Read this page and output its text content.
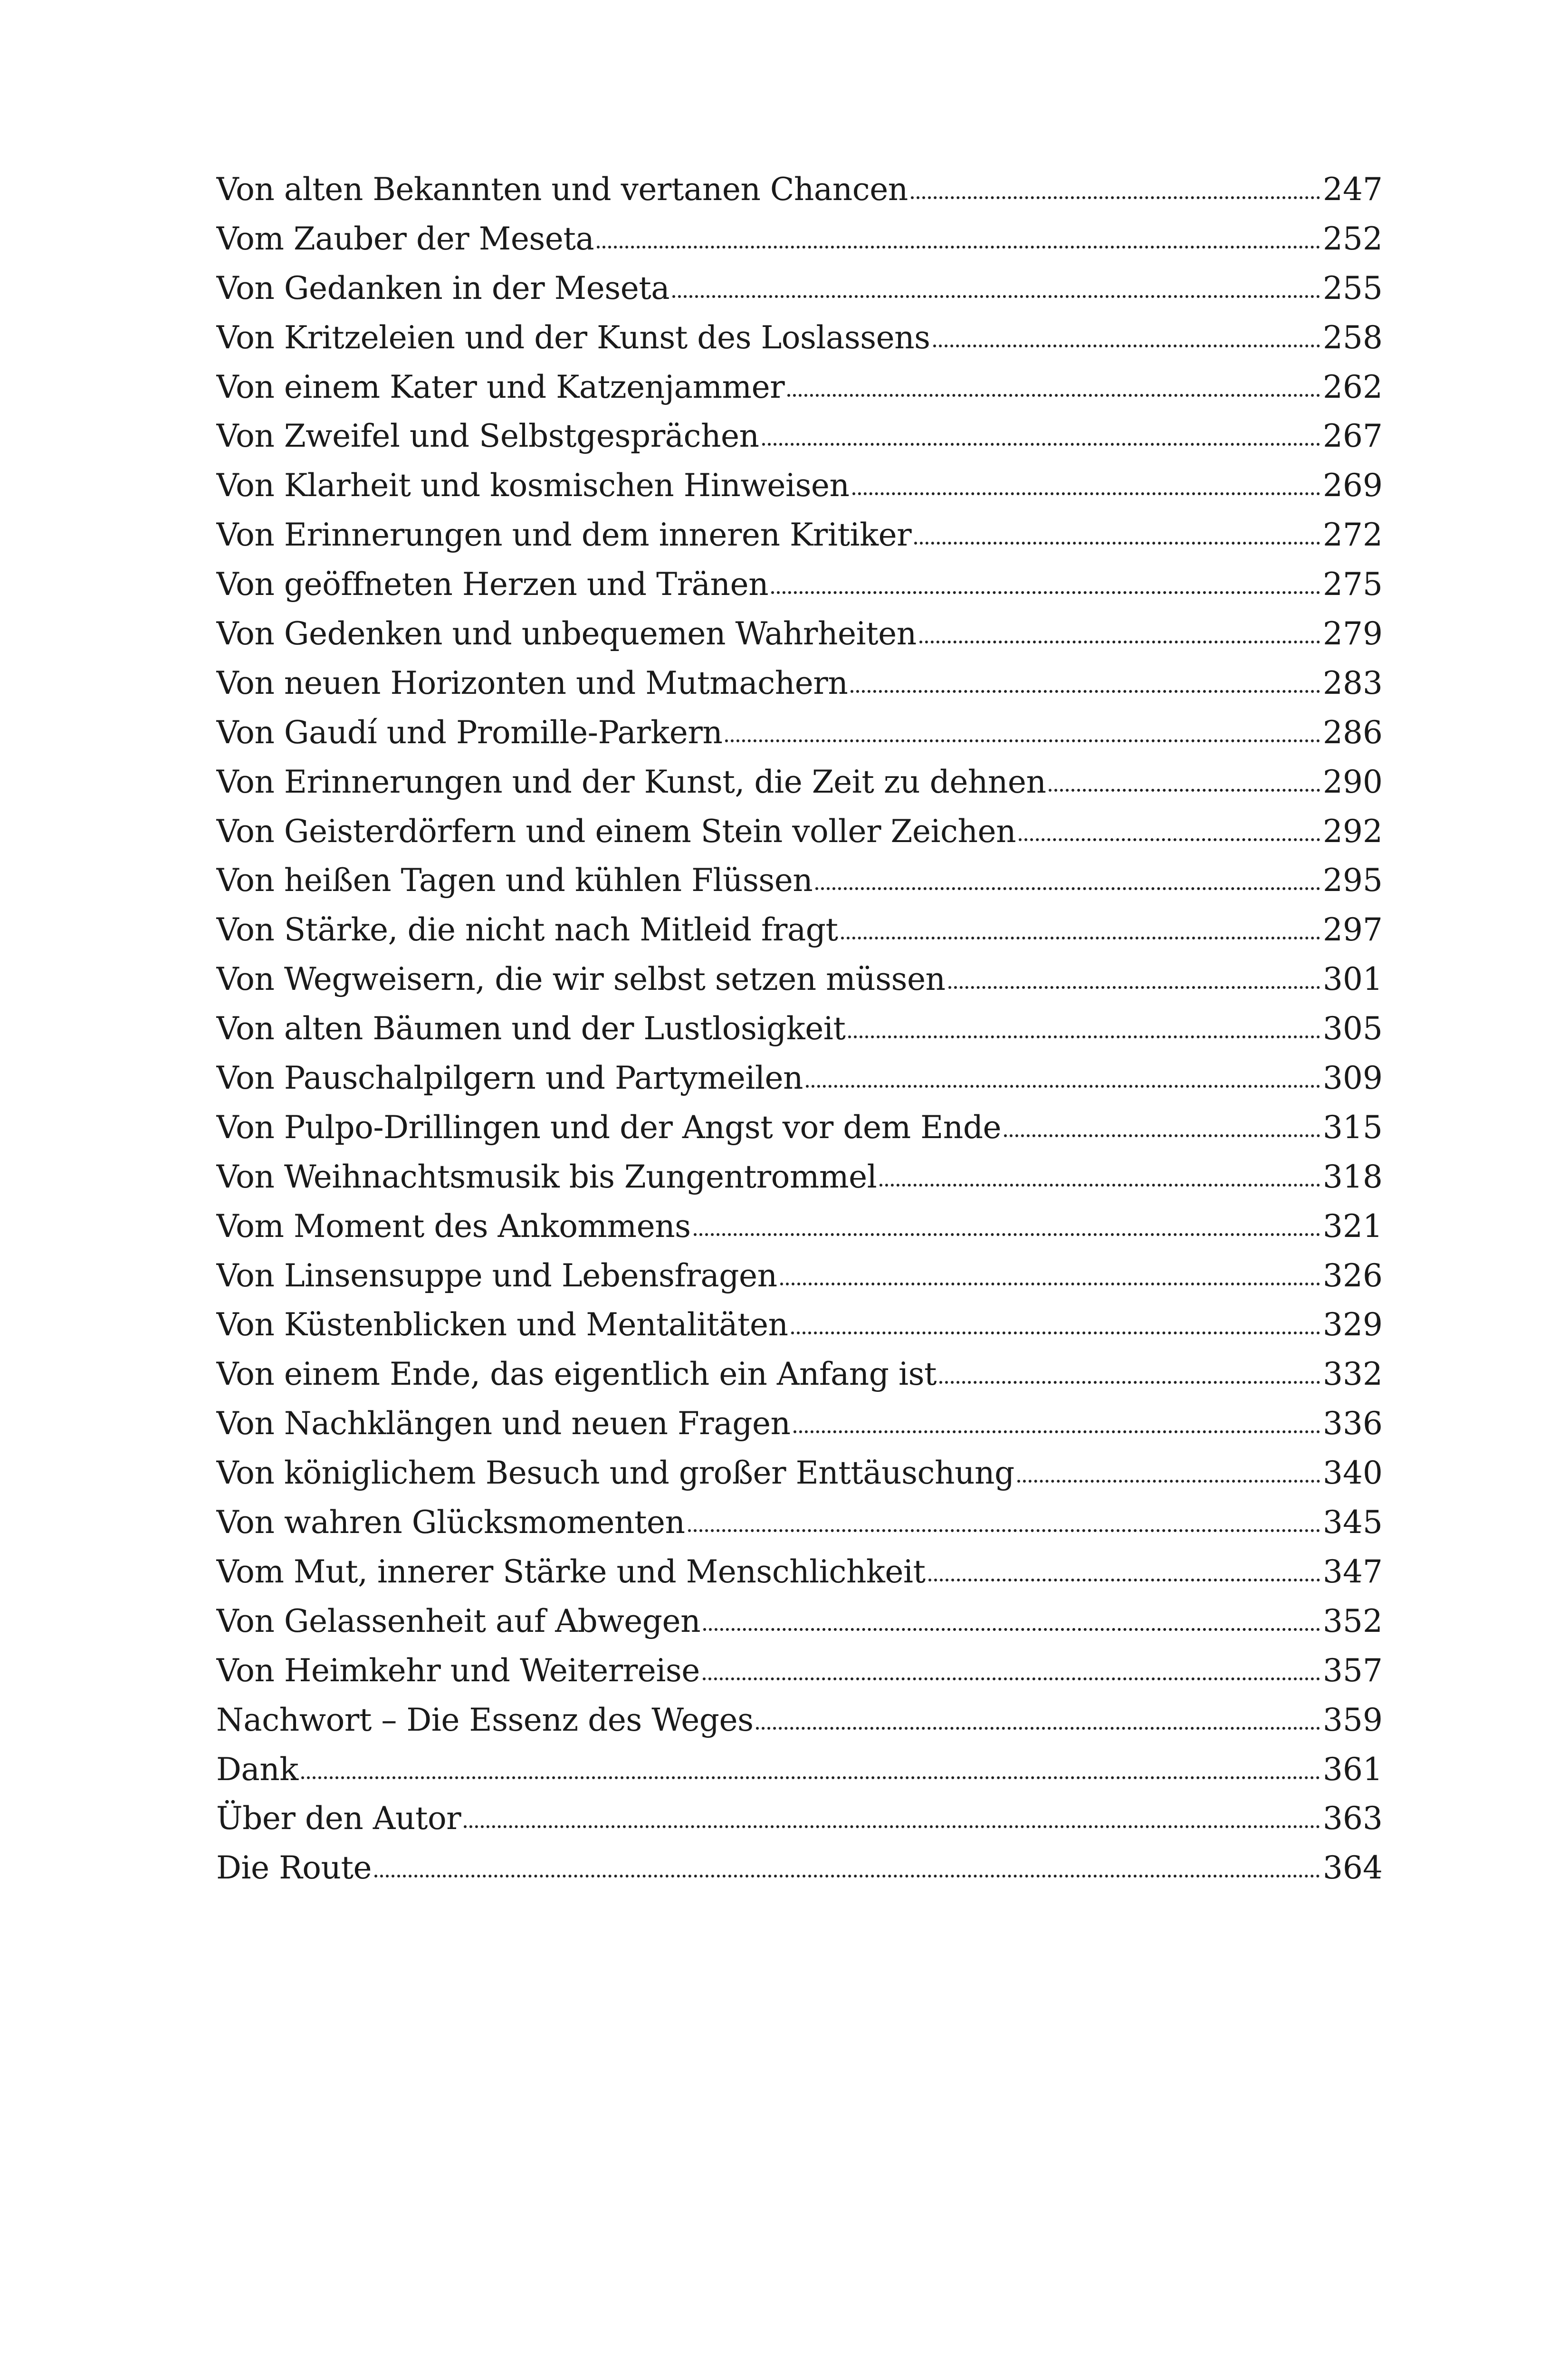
Von alten Bekannten und vertanen Chancen	247
Vom Zauber der Meseta	252
Von Gedanken in der Meseta	255
Von Kritzeleien und der Kunst des Loslassens	258
Von einem Kater und Katzenjammer	262
Von Zweifel und Selbstgesprächen	267
Von Klarheit und kosmischen Hinweisen	269
Von Erinnerungen und dem inneren Kritiker	272
Von geöffneten Herzen und Tränen	275
Von Gedenken und unbequemen Wahrheiten	279
Von neuen Horizonten und Mutmachern	283
Von Gaudí und Promille-Parkern	286
Von Erinnerungen und der Kunst, die Zeit zu dehnen	290
Von Geisterdörfern und einem Stein voller Zeichen	292
Von heißen Tagen und kühlen Flüssen	295
Von Stärke, die nicht nach Mitleid fragt	297
Von Wegweisern, die wir selbst setzen müssen	301
Von alten Bäumen und der Lustlosigkeit	305
Von Pauschalpilgern und Partymeilen	309
Von Pulpo-Drillingen und der Angst vor dem Ende	315
Von Weihnachtsmusik bis Zungentrommel	318
Vom Moment des Ankommens	321
Von Linsensuppe und Lebensfragen	326
Von Küstenblicken und Mentalitäten	329
Von einem Ende, das eigentlich ein Anfang ist	332
Von Nachklängen und neuen Fragen	336
Von königlichem Besuch und großer Enttäuschung	340
Von wahren Glücksmomenten	345
Vom Mut, innerer Stärke und Menschlichkeit	347
Von Gelassenheit auf Abwegen	352
Von Heimkehr und Weiterreise	357
Nachwort – Die Essenz des Weges	359
Dank	361
Über den Autor	363
Die Route	364
